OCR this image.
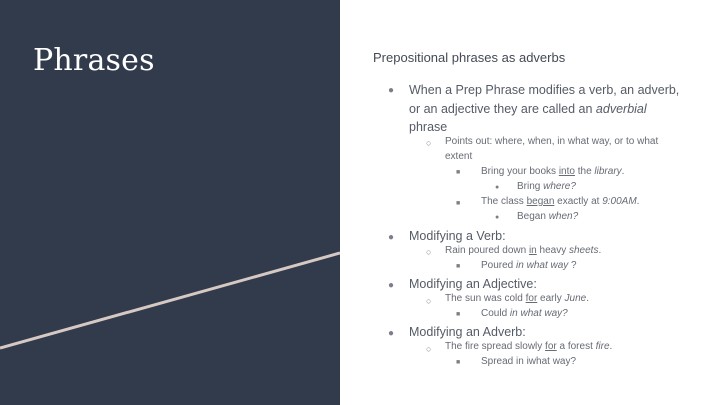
Phrases	Prepositional phrases as adverbs
● When a Prep Phrase modifies a verb, an adverb,
or an adjective they are called an adverbial
phrase
○ Points out: where, when, in what way, or to what
extent
■ Bring your books into the library.
● Bring where?
■ The class began exactly at 9:00AM.
● Began when?
● Modifying a Verb:
○ Rain poured down in heavy sheets.
■ Poured in what way ?
● Modifying an Adjective:
○ The sun was cold for early June.
■ Could in what way?
● Modifying an Adverb:
○ The fire spread slowly for a forest fire.
■ Spread in iwhat way?
